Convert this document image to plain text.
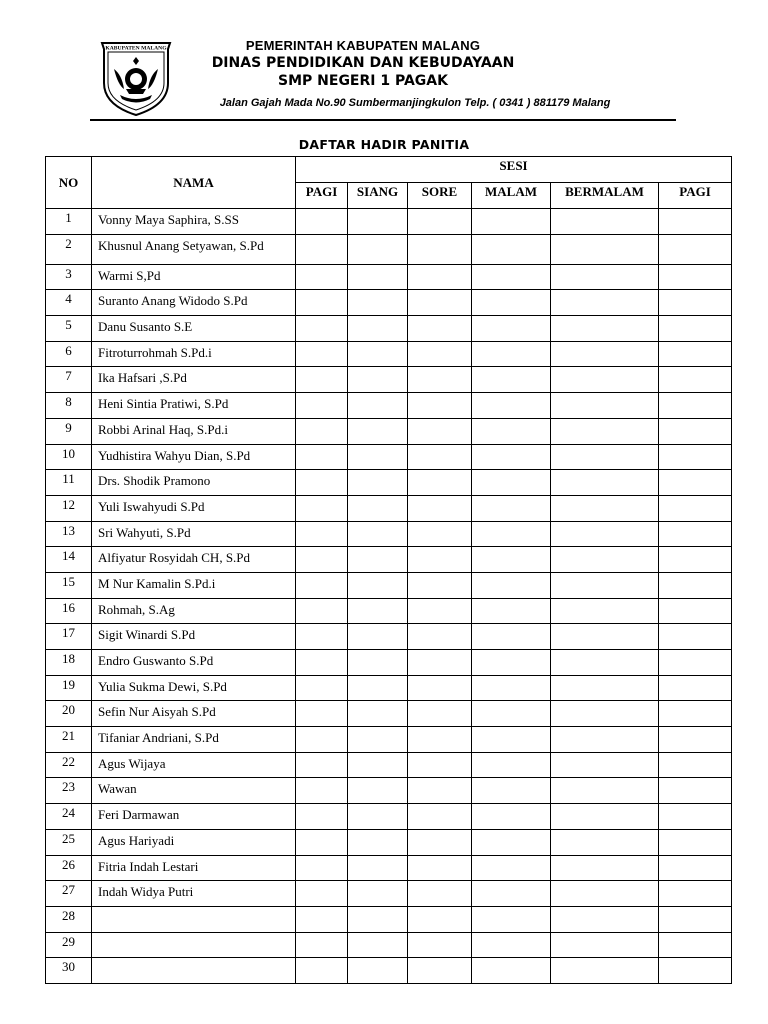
KABUPATEN MALANG	PEMERINTAH KABUPATEN MALANG
DINAS PENDIDIKAN DAN KEBUDAYAAN
SMP NEGERI 1 PAGAK
Jalan Gajah Mada No.90 Sumbermanjingkulon Telp. ( 0341 ) 881179 Malang
DAFTAR HADIR PANITIA
NO	NAMA	SESI					
		PAGI	SIANG	SORE	MALAM	BERMALAM	PAGI
1	Vonny Maya Saphira, S.SS						
2	Khusnul Anang Setyawan, S.Pd						
3	Warmi S,Pd						
4	Suranto Anang Widodo S.Pd						
5	Danu Susanto S.E						
6	Fitroturrohmah S.Pd.i						
7	Ika Hafsari ,S.Pd						
8	Heni Sintia Pratiwi, S.Pd						
9	Robbi Arinal Haq, S.Pd.i						
10	Yudhistira Wahyu Dian, S.Pd						
11	Drs. Shodik Pramono						
12	Yuli Iswahyudi S.Pd						
13	Sri Wahyuti, S.Pd						
14	Alfiyatur Rosyidah CH, S.Pd						
15	M Nur Kamalin S.Pd.i						
16	Rohmah, S.Ag						
17	Sigit Winardi S.Pd						
18	Endro Guswanto S.Pd						
19	Yulia Sukma Dewi, S.Pd						
20	Sefin Nur Aisyah S.Pd						
21	Tifaniar Andriani, S.Pd						
22	Agus Wijaya						
23	Wawan						
24	Feri Darmawan						
25	Agus Hariyadi						
26	Fitria Indah Lestari						
27	Indah Widya Putri						
28							
29							
30							
